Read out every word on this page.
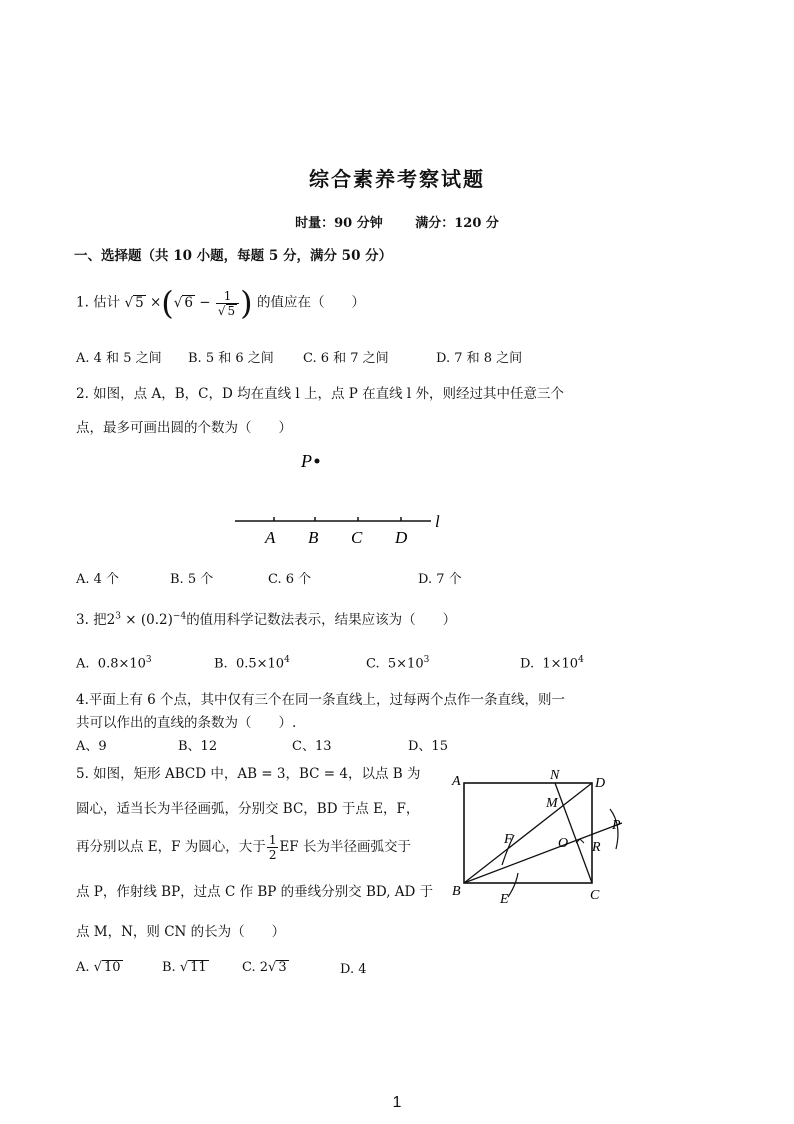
综合素养考察试题
时量：90 分钟	满分：120 分
一、选择题（共 10 小题，每题 5 分，满分 50 分）
1. 估计 √ 5 ×(√ $6 - \frac{1}{√ 5}$ ) 的值应在（　　）
A. 4 和 5 之间 B. 5 和 6 之间 C. 6 和 7 之间	D. 7 和 8 之间
2. 如图，点 A，B，C，D 均在直线 l 上，点 P 在直线 l 外，则经过其中任意三个
点，最多可画出圆的个数为（　　）
P
l
A B C D
A. 4 个	B. 5 个	C. 6 个	D. 7 个
3. 把$2^3 \times (0.2)^{-4}$的值用科学记数法表示，结果应该为（　　）
A. $0.8\times 10^3$	B. $0.5\times 10^4$	C. $5\times 10^3$	D. $1\times 10^4$
4.平面上有 6 个点，其中仅有三个在同一条直线上，过每两个点作一条直线，则一
共可以作出的直线的条数为（　　）.
A、9	B、12	C、13	D、15
5. 如图，矩形 ABCD 中，AB = 3，BC = 4，以点 B 为
圆心，适当长为半径画弧，分别交 BC，BD 于点 E，F，
再分别以点 E，F 为圆心，大于 $\frac{1}{2}$ EF 长为半径画弧交于
点 P，作射线 BP，过点 C 作 BP 的垂线分别交 BD, AD 于
点 M，N，则 CN 的长为（　　）
A	N
D
M
F	O
P
R
B
E	C
A. √ 10	B. √ 11	C. 2√ 3	D. 4
1
